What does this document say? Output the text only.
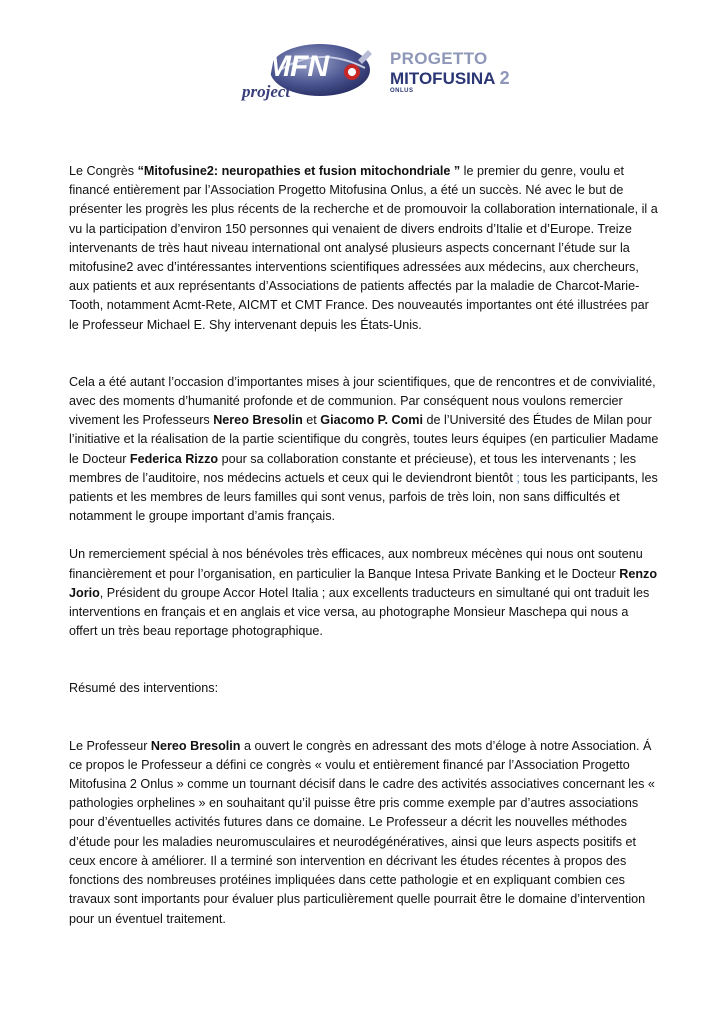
MFN
project
PROGETTO
MITOFUSINA 2
ONLUS

Le Congrès “Mitofusine2: neuropathies et fusion mitochondriale ” le premier du genre, voulu et financé entièrement par l’Association Progetto Mitofusina Onlus, a été un succès. Né avec le but de présenter les progrès les plus récents de la recherche et de promouvoir la collaboration internationale, il a vu la participation d’environ 150 personnes qui venaient de divers endroits d’Italie et d’Europe. Treize intervenants de très haut niveau international ont analysé plusieurs aspects concernant l’étude sur la mitofusine2 avec d’intéressantes interventions scientifiques adressées aux médecins, aux chercheurs, aux patients et aux représentants d’Associations de patients affectés par la maladie de Charcot-Marie-Tooth, notamment Acmt-Rete, AICMT et CMT France. Des nouveautés importantes ont été illustrées par le Professeur Michael E. Shy intervenant depuis les États-Unis.

Cela a été autant l’occasion d’importantes mises à jour scientifiques, que de rencontres et de convivialité, avec des moments d’humanité profonde et de communion. Par conséquent nous voulons remercier vivement les Professeurs Nereo Bresolin et Giacomo P. Comi de l’Université des Études de Milan pour l’initiative et la réalisation de la partie scientifique du congrès, toutes leurs équipes (en particulier Madame le Docteur Federica Rizzo pour sa collaboration constante et précieuse), et tous les intervenants ; les membres de l’auditoire, nos médecins actuels et ceux qui le deviendront bientôt ; tous les participants, les patients et les membres de leurs familles qui sont venus, parfois de très loin, non sans difficultés et notamment le groupe important d’amis français.

Un remerciement spécial à nos bénévoles très efficaces, aux nombreux mécènes qui nous ont soutenu financièrement et pour l’organisation, en particulier la Banque Intesa Private Banking et le Docteur Renzo Jorio, Président du groupe Accor Hotel Italia ; aux excellents traducteurs en simultané qui ont traduit les interventions en français et en anglais et vice versa, au photographe Monsieur Maschepa qui nous a offert un très beau reportage photographique.

Résumé des interventions:

Le Professeur Nereo Bresolin a ouvert le congrès en adressant des mots d’éloge à notre Association. Á ce propos le Professeur a défini ce congrès « voulu et entièrement financé par l’Association Progetto Mitofusina 2 Onlus » comme un tournant décisif dans le cadre des activités associatives concernant les « pathologies orphelines » en souhaitant qu’il puisse être pris comme exemple par d’autres associations pour d’éventuelles activités futures dans ce domaine. Le Professeur a décrit les nouvelles méthodes d’étude pour les maladies neuromusculaires et neurodégénératives, ainsi que leurs aspects positifs et ceux encore à améliorer. Il a terminé son intervention en décrivant les études récentes à propos des fonctions des nombreuses protéines impliquées dans cette pathologie et en expliquant combien ces travaux sont importants pour évaluer plus particulièrement quelle pourrait être le domaine d’intervention pour un éventuel traitement.
